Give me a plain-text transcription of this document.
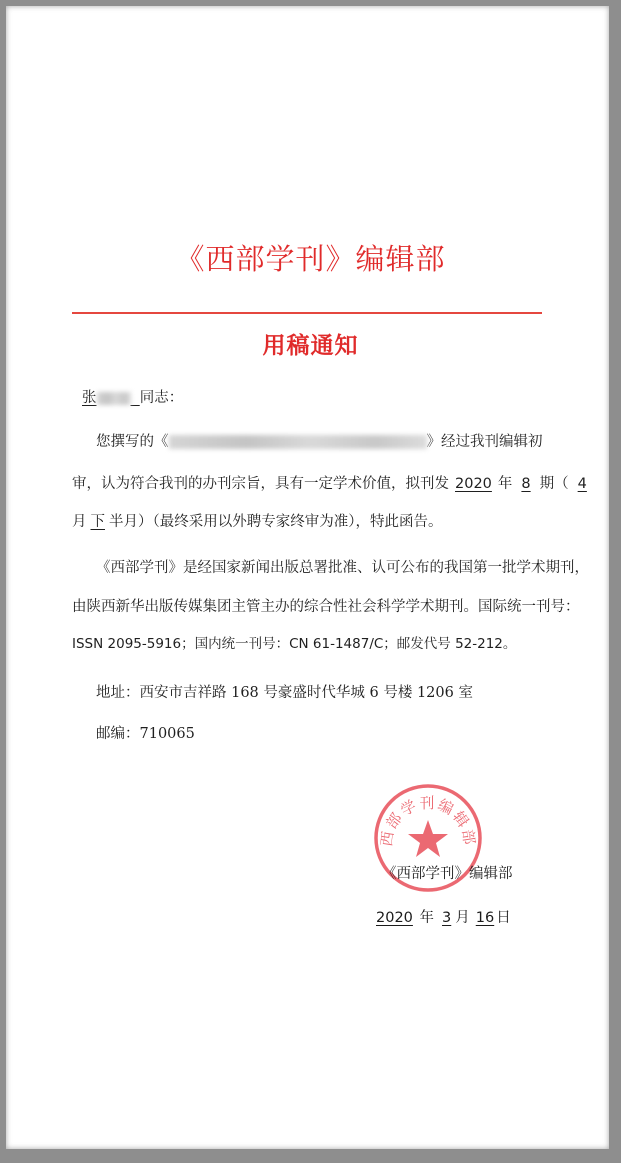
《西部学刊》编辑部
用稿通知
张	同志：
您撰写的《	》经过我刊编辑初
审，认为符合我刊的办刊宗旨，具有一定学术价值，拟刊发 2020 年 8 期（ 4
月 下 半月）（最终采用以外聘专家终审为准），特此函告。
《西部学刊》是经国家新闻出版总署批准、认可公布的我国第一批学术期刊，
由陕西新华出版传媒集团主管主办的综合性社会科学学术期刊。国际统一刊号：
ISSN 2095-5916；国内统一刊号：CN 61-1487/C；邮发代号 52-212。
地址：西安市吉祥路 168 号豪盛时代华城 6 号楼 1206 室
邮编：710065
西部学刊编辑部
《西部学刊》编辑部
2020 年 3 月 16 日
